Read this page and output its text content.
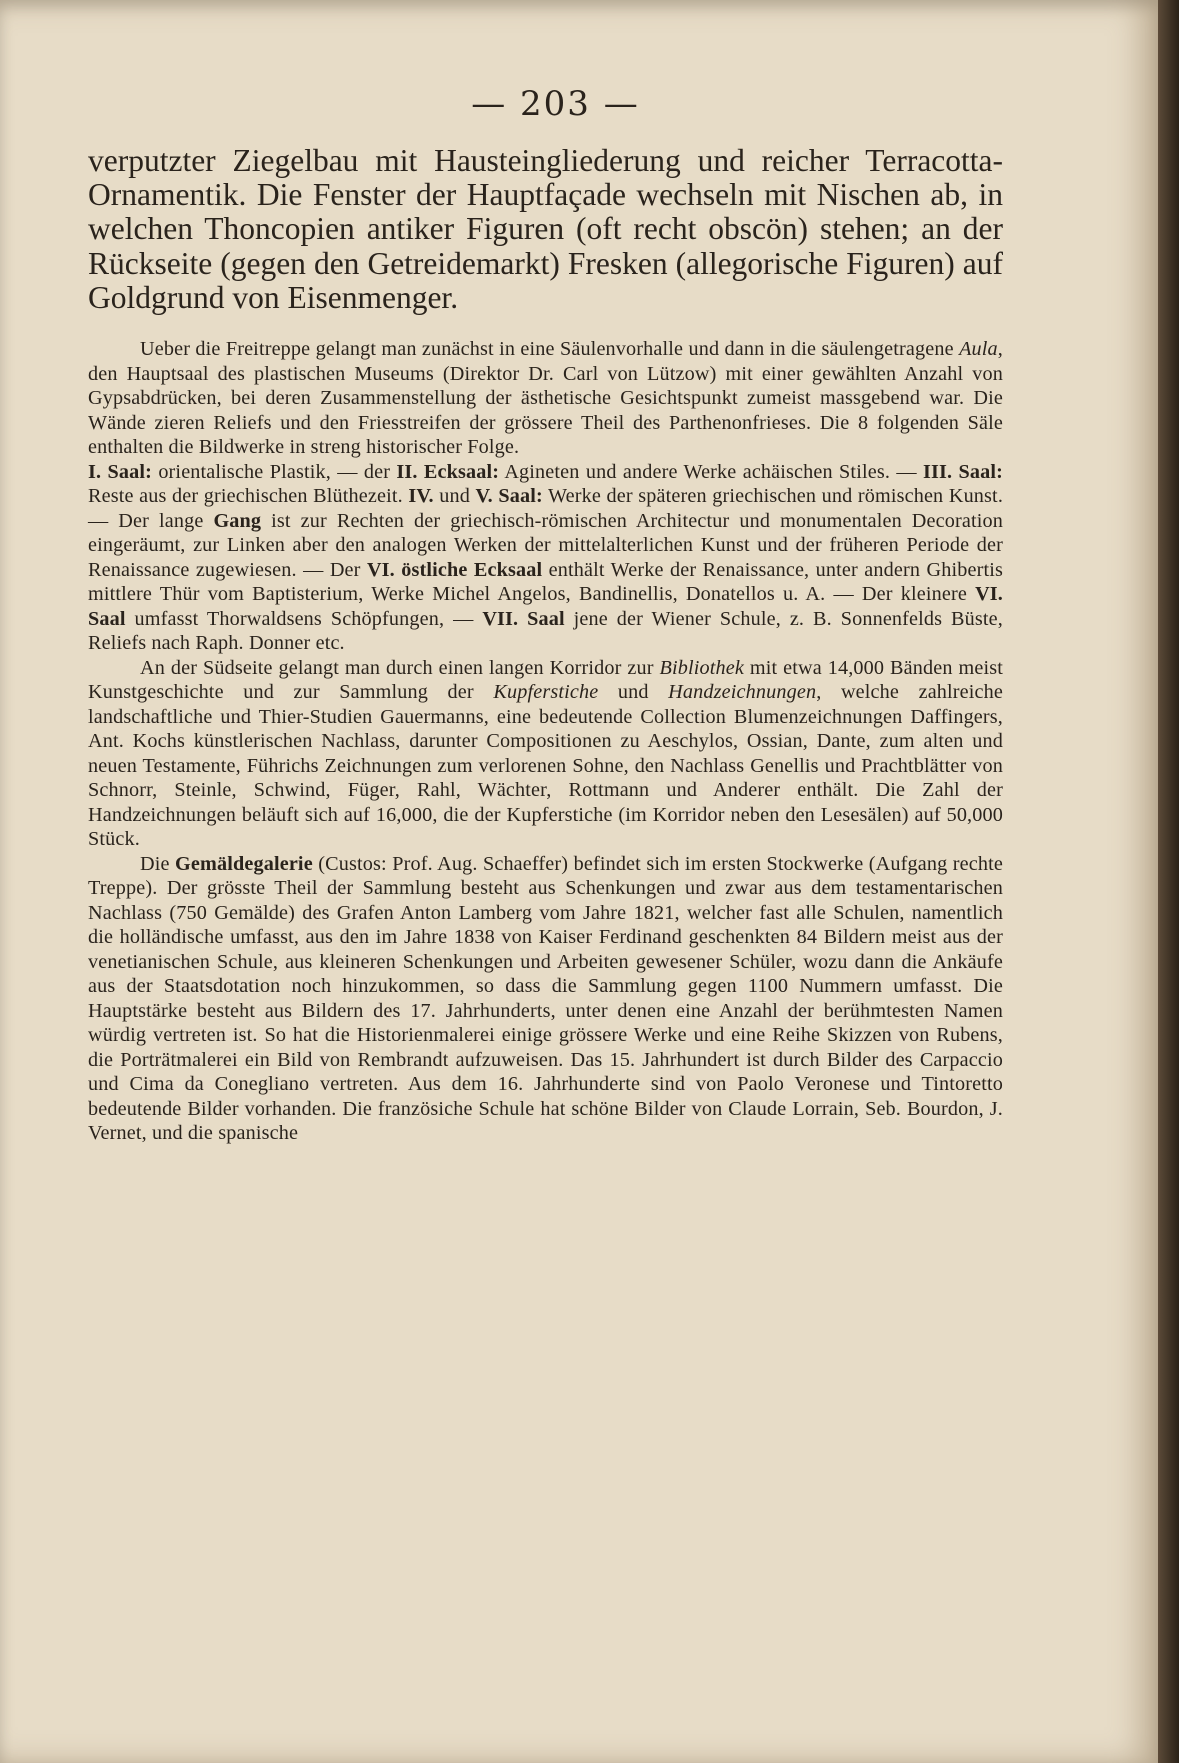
— 203 —

verputzter Ziegelbau mit Hausteingliederung und reicher Terracotta-Ornamentik. Die Fenster der Hauptfaçade wechseln mit Nischen ab, in welchen Thoncopien antiker Figuren (oft recht obscön) stehen; an der Rückseite (gegen den Getreidemarkt) Fresken (allegorische Figuren) auf Goldgrund von Eisenmenger.

Ueber die Freitreppe gelangt man zunächst in eine Säulenvorhalle und dann in die säulengetragene Aula, den Hauptsaal des plastischen Museums (Direktor Dr. Carl von Lützow) mit einer gewählten Anzahl von Gypsabdrücken, bei deren Zusammenstellung der ästhetische Gesichtspunkt zumeist massgebend war. Die Wände zieren Reliefs und den Friesstreifen der grössere Theil des Parthenonfrieses. Die 8 folgenden Säle enthalten die Bildwerke in streng historischer Folge.

I. Saal: orientalische Plastik, — der II. Ecksaal: Agineten und andere Werke achäischen Stiles. — III. Saal: Reste aus der griechischen Blüthezeit. IV. und V. Saal: Werke der späteren griechischen und römischen Kunst. — Der lange Gang ist zur Rechten der griechisch-römischen Architectur und monumentalen Decoration eingeräumt, zur Linken aber den analogen Werken der mittelalterlichen Kunst und der früheren Periode der Renaissance zugewiesen. — Der VI. östliche Ecksaal enthält Werke der Renaissance, unter andern Ghibertis mittlere Thür vom Baptisterium, Werke Michel Angelos, Bandinellis, Donatellos u. A. — Der kleinere VI. Saal umfasst Thorwaldsens Schöpfungen, — VII. Saal jene der Wiener Schule, z. B. Sonnenfelds Büste, Reliefs nach Raph. Donner etc.

An der Südseite gelangt man durch einen langen Korridor zur Bibliothek mit etwa 14,000 Bänden meist Kunstgeschichte und zur Sammlung der Kupferstiche und Handzeichnungen, welche zahlreiche landschaftliche und Thier-Studien Gauermanns, eine bedeutende Collection Blumenzeichnungen Daffingers, Ant. Kochs künstlerischen Nachlass, darunter Compositionen zu Aeschylos, Ossian, Dante, zum alten und neuen Testamente, Führichs Zeichnungen zum verlorenen Sohne, den Nachlass Genellis und Prachtblätter von Schnorr, Steinle, Schwind, Füger, Rahl, Wächter, Rottmann und Anderer enthält. Die Zahl der Handzeichnungen beläuft sich auf 16,000, die der Kupferstiche (im Korridor neben den Lesesälen) auf 50,000 Stück.

Die Gemäldegalerie (Custos: Prof. Aug. Schaeffer) befindet sich im ersten Stockwerke (Aufgang rechte Treppe). Der grösste Theil der Sammlung besteht aus Schenkungen und zwar aus dem testamentarischen Nachlass (750 Gemälde) des Grafen Anton Lamberg vom Jahre 1821, welcher fast alle Schulen, namentlich die holländische umfasst, aus den im Jahre 1838 von Kaiser Ferdinand geschenkten 84 Bildern meist aus der venetianischen Schule, aus kleineren Schenkungen und Arbeiten gewesener Schüler, wozu dann die Ankäufe aus der Staatsdotation noch hinzukommen, so dass die Sammlung gegen 1100 Nummern umfasst. Die Hauptstärke besteht aus Bildern des 17. Jahrhunderts, unter denen eine Anzahl der berühmtesten Namen würdig vertreten ist. So hat die Historienmalerei einige grössere Werke und eine Reihe Skizzen von Rubens, die Porträtmalerei ein Bild von Rembrandt aufzuweisen. Das 15. Jahrhundert ist durch Bilder des Carpaccio und Cima da Conegliano vertreten. Aus dem 16. Jahrhunderte sind von Paolo Veronese und Tintoretto bedeutende Bilder vorhanden. Die französiche Schule hat schöne Bilder von Claude Lorrain, Seb. Bourdon, J. Vernet, und die spanische
